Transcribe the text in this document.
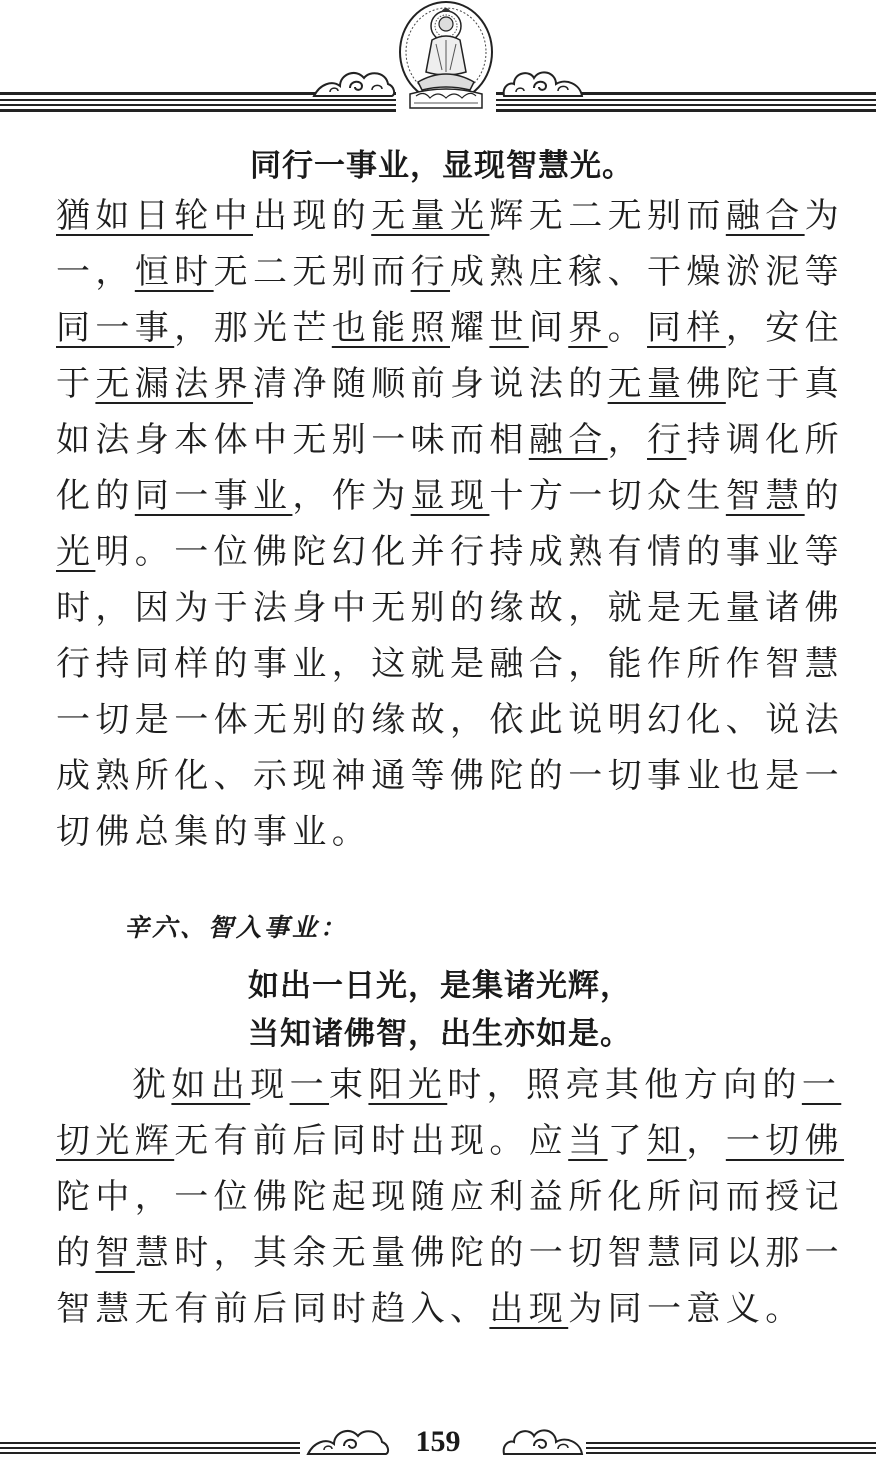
同行一事业，显现智慧光。
猶如日轮中出现的无量光辉无二无别而融合为
一，恒时无二无别而行成熟庄稼、干燥淤泥等
同一事，那光芒也能照耀世间界。同样，安住
于无漏法界清净随顺前身说法的无量佛陀于真
如法身本体中无别一味而相融合，行持调化所
化的同一事业，作为显现十方一切众生智慧的
光明。一位佛陀幻化并行持成熟有情的事业等
时，因为于法身中无别的缘故，就是无量诸佛
行持同样的事业，这就是融合，能作所作智慧
一切是一体无别的缘故，依此说明幻化、说法
成熟所化、示现神通等佛陀的一切事业也是一
切佛总集的事业。
辛六、智入事业：
如出一日光，是集诸光辉，
当知诸佛智，出生亦如是。
犹如出现一束阳光时，照亮其他方向的一
切光辉无有前后同时出现。应当了知，一切佛
陀中，一位佛陀起现随应利益所化所问而授记
的智慧时，其余无量佛陀的一切智慧同以那一
智慧无有前后同时趋入、出现为同一意义。
159
